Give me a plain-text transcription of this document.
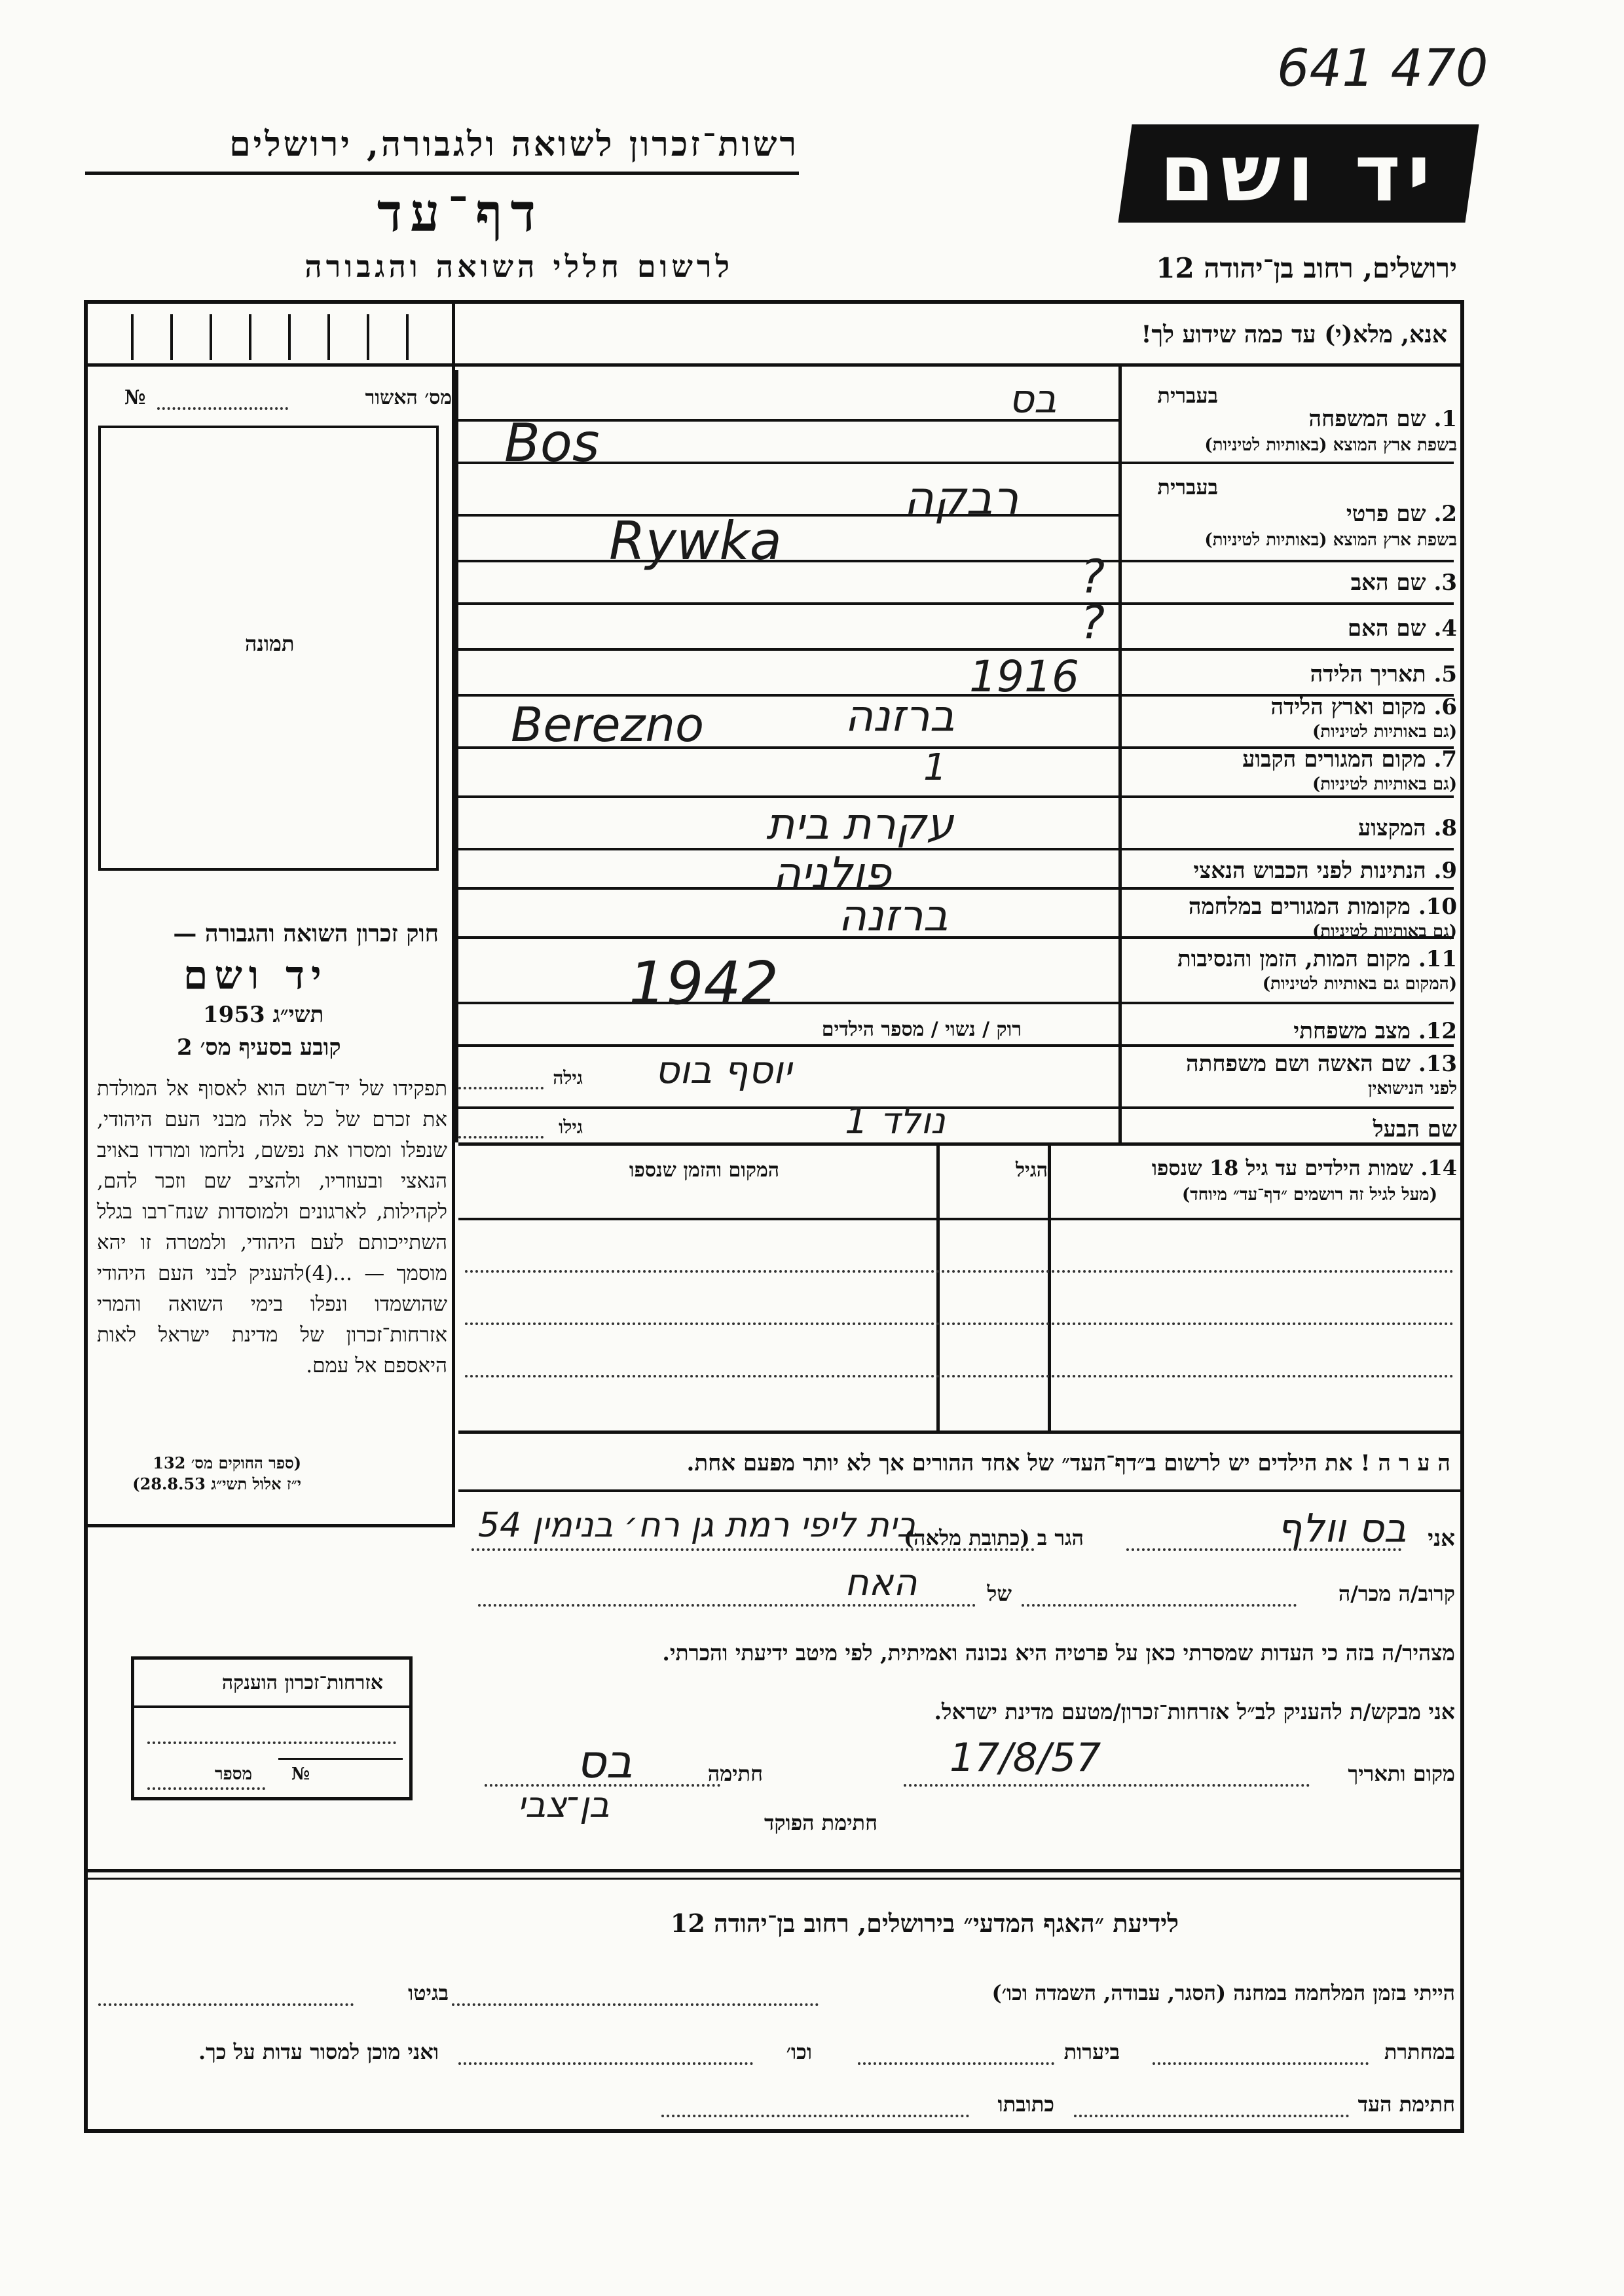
641 470
רשות־זכרון לשואה ולגבורה, ירושלים
דף־עד
לרשום חללי השואה והגבורה
יד ושם
ירושלים, רחוב בן־יהודה 12
אנא, מלא(י) עד כמה שידוע לך!
מס׳ האשור
№
תמונה
חוק זכרון השואה והגבורה —
יד ושם
תשי״ג 1953
קובע בסעיף מס׳ 2
תפקידו של יד־ושם הוא לאסוף אל המולדת את זכרם של כל אלה מבני העם היהודי, שנפלו ומסרו את נפשם, נלחמו ומרדו באויב הנאצי ובעוזריו, ולהציב שם וזכר להם, לקהילות, לארגונים ולמוסדות שנח־רבו בגלל השתייכותם לעם היהודי, ולמטרה זו יהא מוסמך — ...(4)להעניק לבני העם היהודי שהושמדו ונפלו בימי השואה והמרי אזרחות־זכרון של מדינת ישראל לאות היאספם אל עמם.
(ספר החוקים מס׳ 132
י״ז אלול תשי״ג 28.8.53)
אזרחות־זכרון הוענקה
מספר №
בעברית
1. שם המשפחה
בשפת ארץ המוצא (באותיות לטיניות)
בעברית
2. שם פרטי
בשפת ארץ המוצא (באותיות לטיניות)
3. שם האב
4. שם האם
5. תאריך הלידה
6. מקום וארץ הלידה
(גם באותיות לטיניות)
7. מקום המגורים הקבוע
(גם באותיות לטיניות)
8. המקצוע
9. הנתינות לפני הכבוש הנאצי
10. מקומות המגורים במלחמה
(גם באותיות לטיניות)
11. מקום המות, הזמן והנסיבות
(המקום גם באותיות לטיניות)
12. מצב משפחתי
רוק / נשוי / מספר הילדים
13. שם האשה ושם משפחתה
לפני הנישואין
גילה
שם הבעל
גילו
בס
Bos
רבקה
Rywka
?
?
1916
ברזנה
Berezno
1
עקרת בית
פולניה
ברזנה
1942
יוסף בוס
נולד 1
14. שמות הילדים עד גיל 18 שנספו
(מעל לגיל זה רושמים ״דף־עד״ מיוחד)
הגיל
המקום והזמן שנספו
ה ע ר ה ! את הילדים יש לרשום ב״דף־העד״ של אחד ההורים אך לא יותר מפעם אחת.
אני
בס וולף
הגר ב (כתובת מלאה)
בית ליפי רמת גן רח׳ בנימין 54
קרוב/ה מכר/ה
של
האח
מצהיר/ה בזה כי העדות שמסרתי כאן על פרטיה היא נכונה ואמיתית, לפי מיטב ידיעתי והכרתי.
אני מבקש/ת להעניק לב״ל אזרחות־זכרון/מטעם מדינת ישראל.
מקום ותאריך
17/8/57
חתימה
בס
חתימת הפוקד
בן־צבי
לידיעת ״האגף המדעי״ בירושלים, רחוב בן־יהודה 12
הייתי בזמן המלחמה במחנה (הסגר, עבודה, השמדה וכו׳)
בגיטו
במחתרת
ביערות
וכו׳
ואני מוכן למסור עדות על כך.
חתימת העד
כתובתו
